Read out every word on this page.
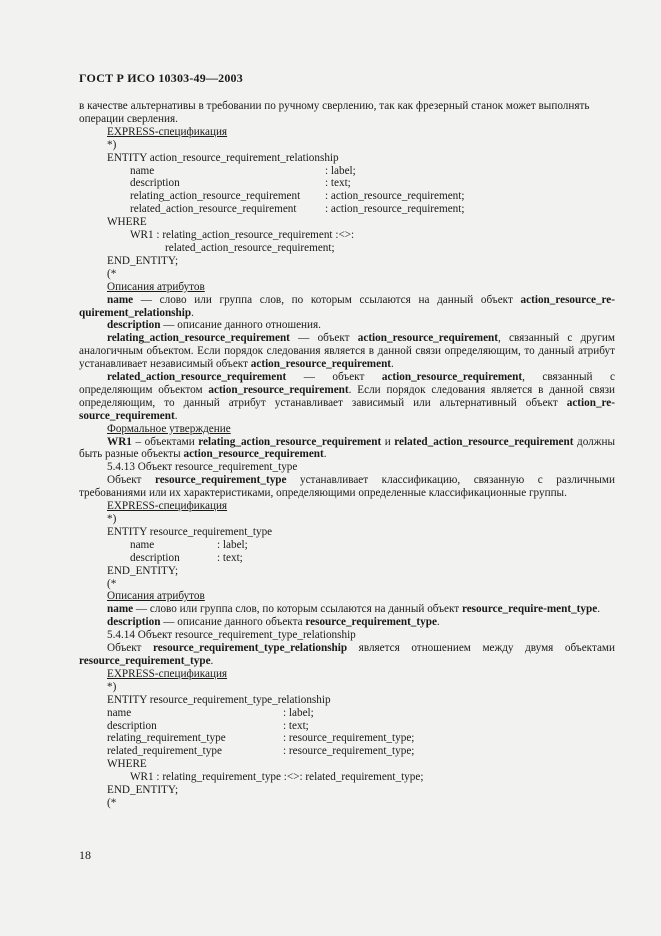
ГОСТ Р ИСО 10303-49—2003

в качестве альтернативы в требовании по ручному сверлению, так как фрезерный станок может выполнять

операции сверления.

EXPRESS-спецификация
*)
ENTITY action_resource_requirement_relationship
name	: label;
description	: text;
relating_action_resource_requirement	: action_resource_requirement;
related_action_resource_requirement	: action_resource_requirement;
WHERE
WR1 : relating_action_resource_requirement :<>:
related_action_resource_requirement;
END_ENTITY;
(*
Описания атрибутов

name — слово или группа слов, по которым ссылаются на данный объект action_resource_re-quirement_relationship.

description — описание данного отношения.

relating_action_resource_requirement — объект action_resource_requirement, связанный с другим аналогичным объектом. Если порядок следования является в данной связи определяющим, то данный атрибут устанавливает независимый объект action_resource_requirement.

related_action_resource_requirement — объект action_resource_requirement, связанный с определяющим объектом action_resource_requirement. Если порядок следования является в данной связи определяющим, то данный атрибут устанавливает зависимый или альтернативный объект action_re-source_requirement.

Формальное утверждение

WR1 – объектами relating_action_resource_requirement и related_action_resource_requirement должны быть разные объекты action_resource_requirement.

5.4.13 Объект resource_requirement_type

Объект resource_requirement_type устанавливает классификацию, связанную с различными требованиями или их характеристиками, определяющими определенные классификационные группы.

EXPRESS-спецификация
*)
ENTITY resource_requirement_type
name	: label;
description	: text;
END_ENTITY;
(*
Описания атрибутов

name — слово или группа слов, по которым ссылаются на данный объект resource_require-ment_type.

description — описание данного объекта resource_requirement_type.

5.4.14 Объект resource_requirement_type_relationship

Объект resource_requirement_type_relationship является отношением между двумя объектами resource_requirement_type.

EXPRESS-спецификация
*)
ENTITY resource_requirement_type_relationship
name	: label;
description	: text;
relating_requirement_type	: resource_requirement_type;
related_requirement_type	: resource_requirement_type;
WHERE
WR1 : relating_requirement_type :<>: related_requirement_type;
END_ENTITY;
(*
18
